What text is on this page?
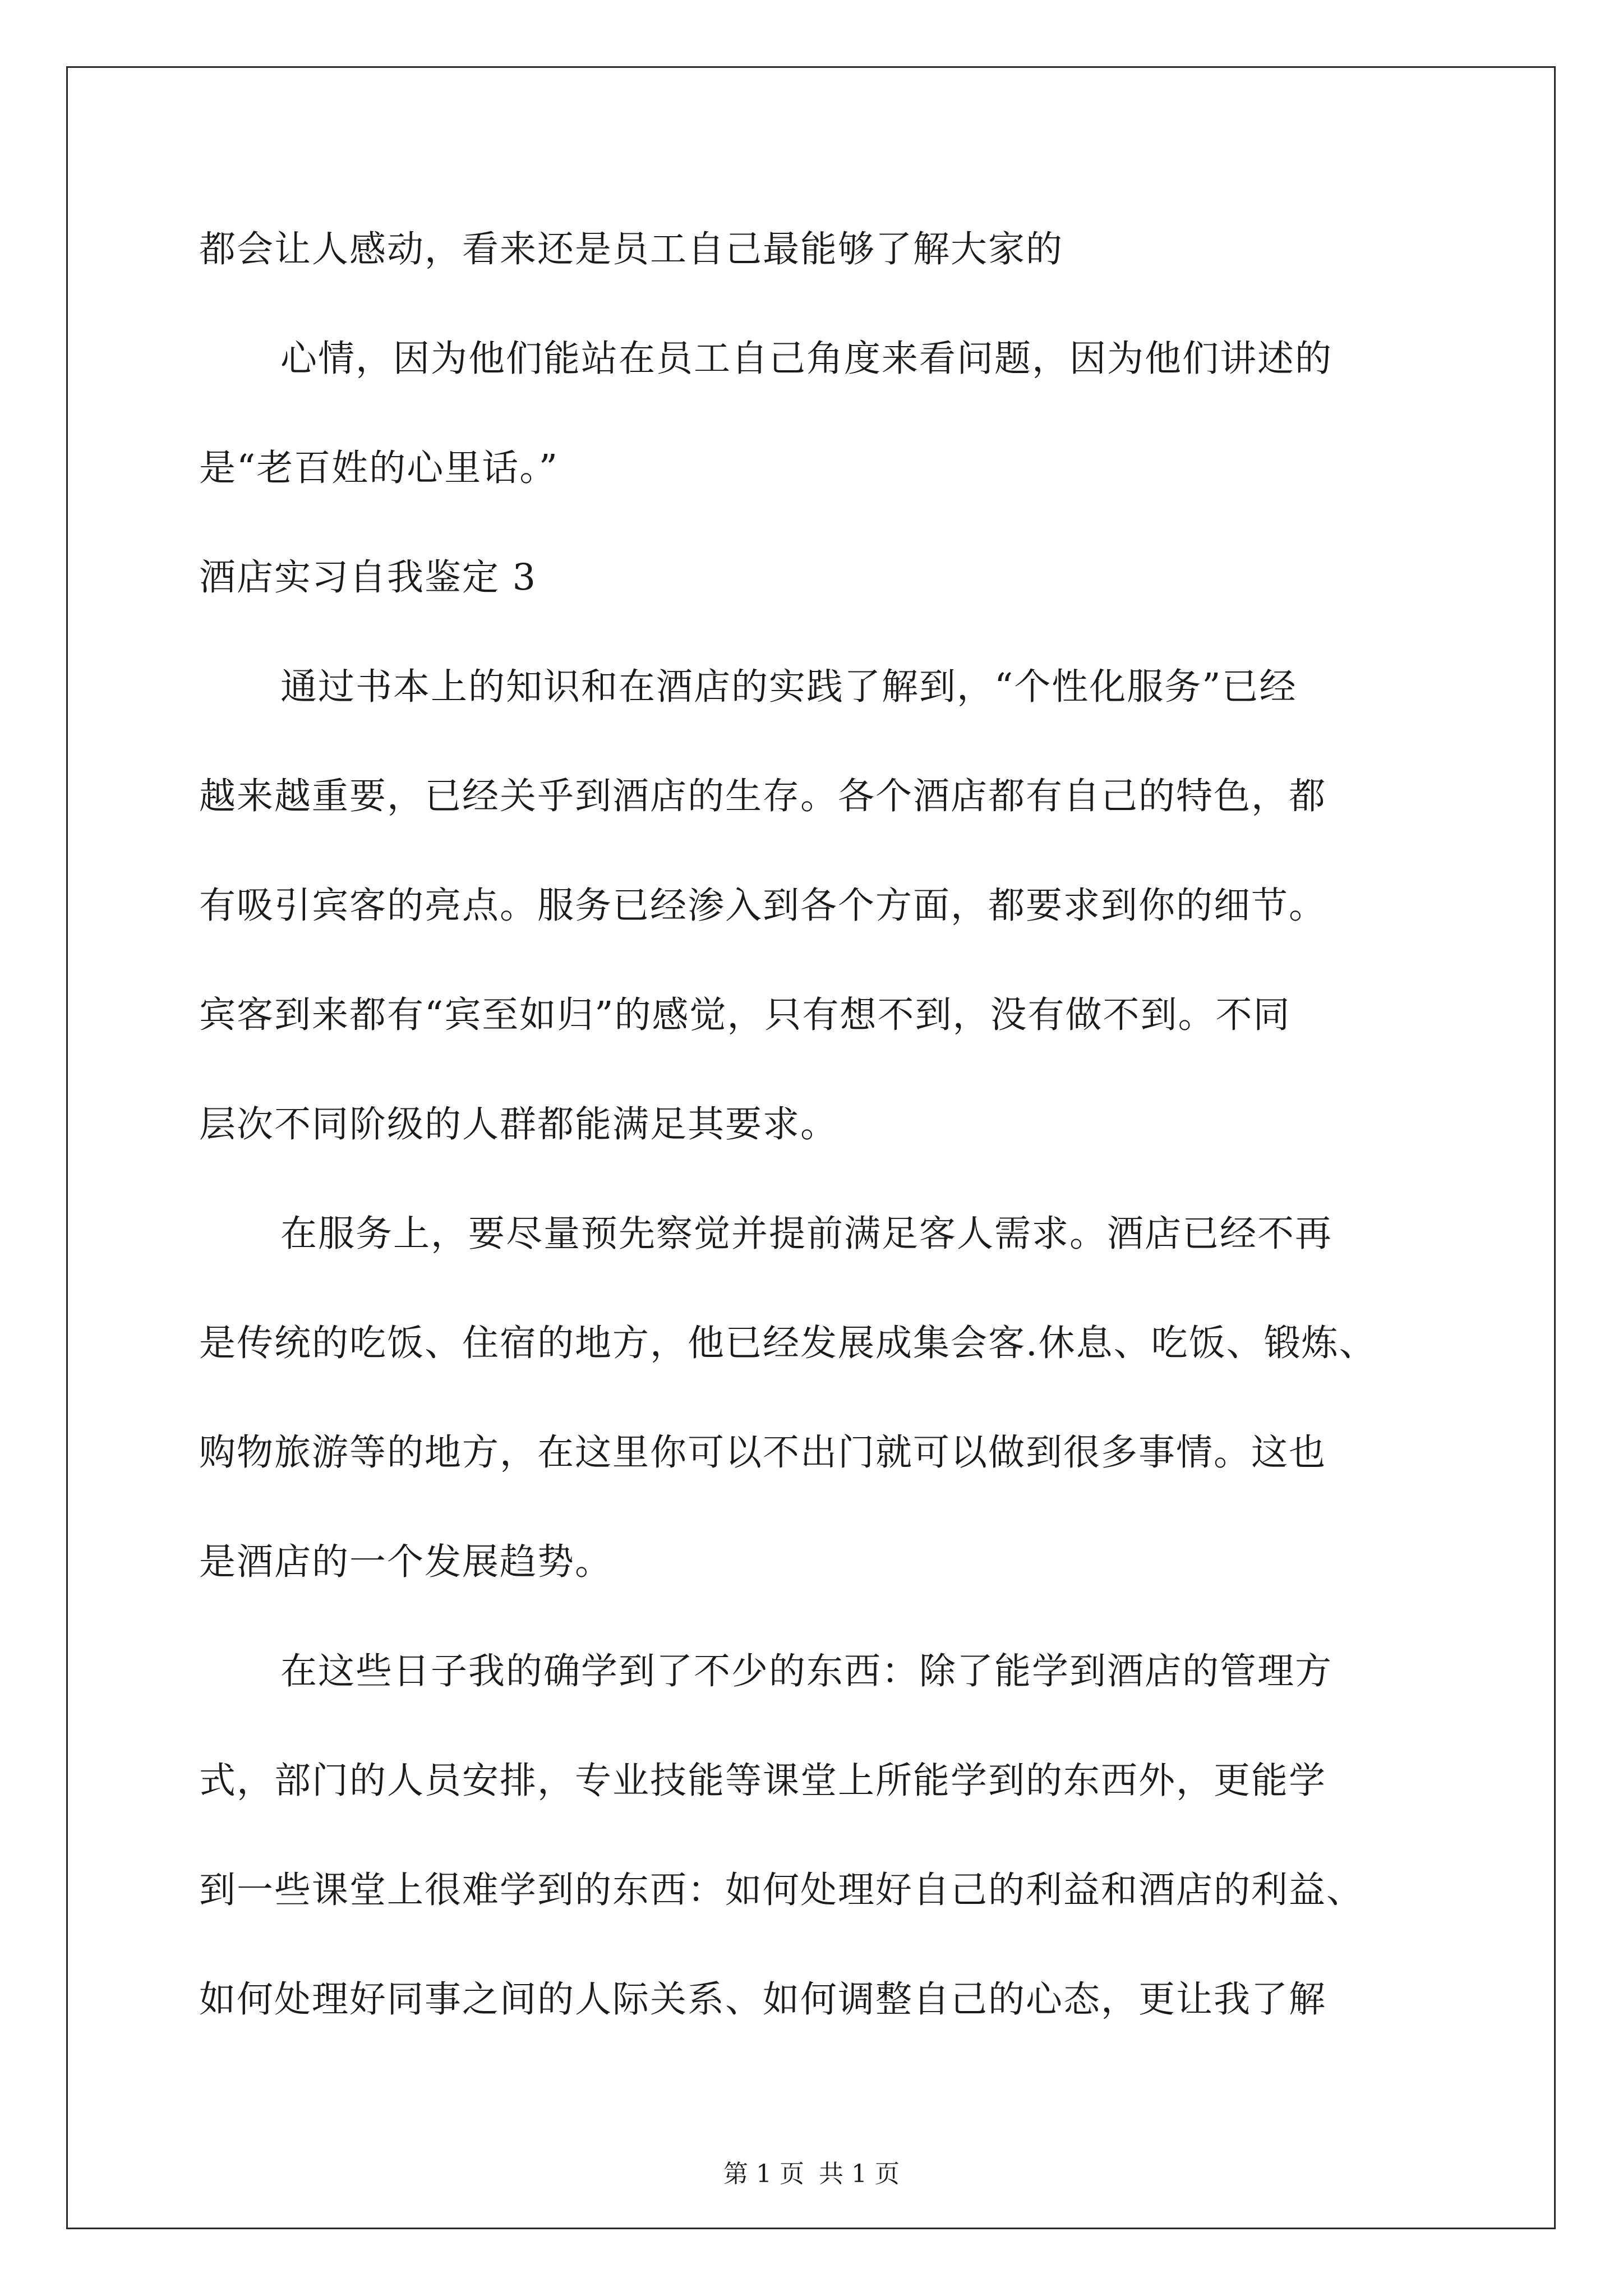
都会让人感动，看来还是员工自己最能够了解大家的
心情，因为他们能站在员工自己角度来看问题，因为他们讲述的
是“老百姓的心里话。”
酒店实习自我鉴定 3
通过书本上的知识和在酒店的实践了解到，“个性化服务”已经
越来越重要，已经关乎到酒店的生存。各个酒店都有自己的特色，都
有吸引宾客的亮点。服务已经渗入到各个方面，都要求到你的细节。
宾客到来都有“宾至如归”的感觉，只有想不到，没有做不到。不同
层次不同阶级的人群都能满足其要求。
在服务上，要尽量预先察觉并提前满足客人需求。酒店已经不再
是传统的吃饭、住宿的地方，他已经发展成集会客.休息、吃饭、锻炼、
购物旅游等的地方，在这里你可以不出门就可以做到很多事情。这也
是酒店的一个发展趋势。
在这些日子我的确学到了不少的东西：除了能学到酒店的管理方
式，部门的人员安排，专业技能等课堂上所能学到的东西外，更能学
到一些课堂上很难学到的东西：如何处理好自己的利益和酒店的利益、
如何处理好同事之间的人际关系、如何调整自己的心态，更让我了解
第 1 页 共 1 页
